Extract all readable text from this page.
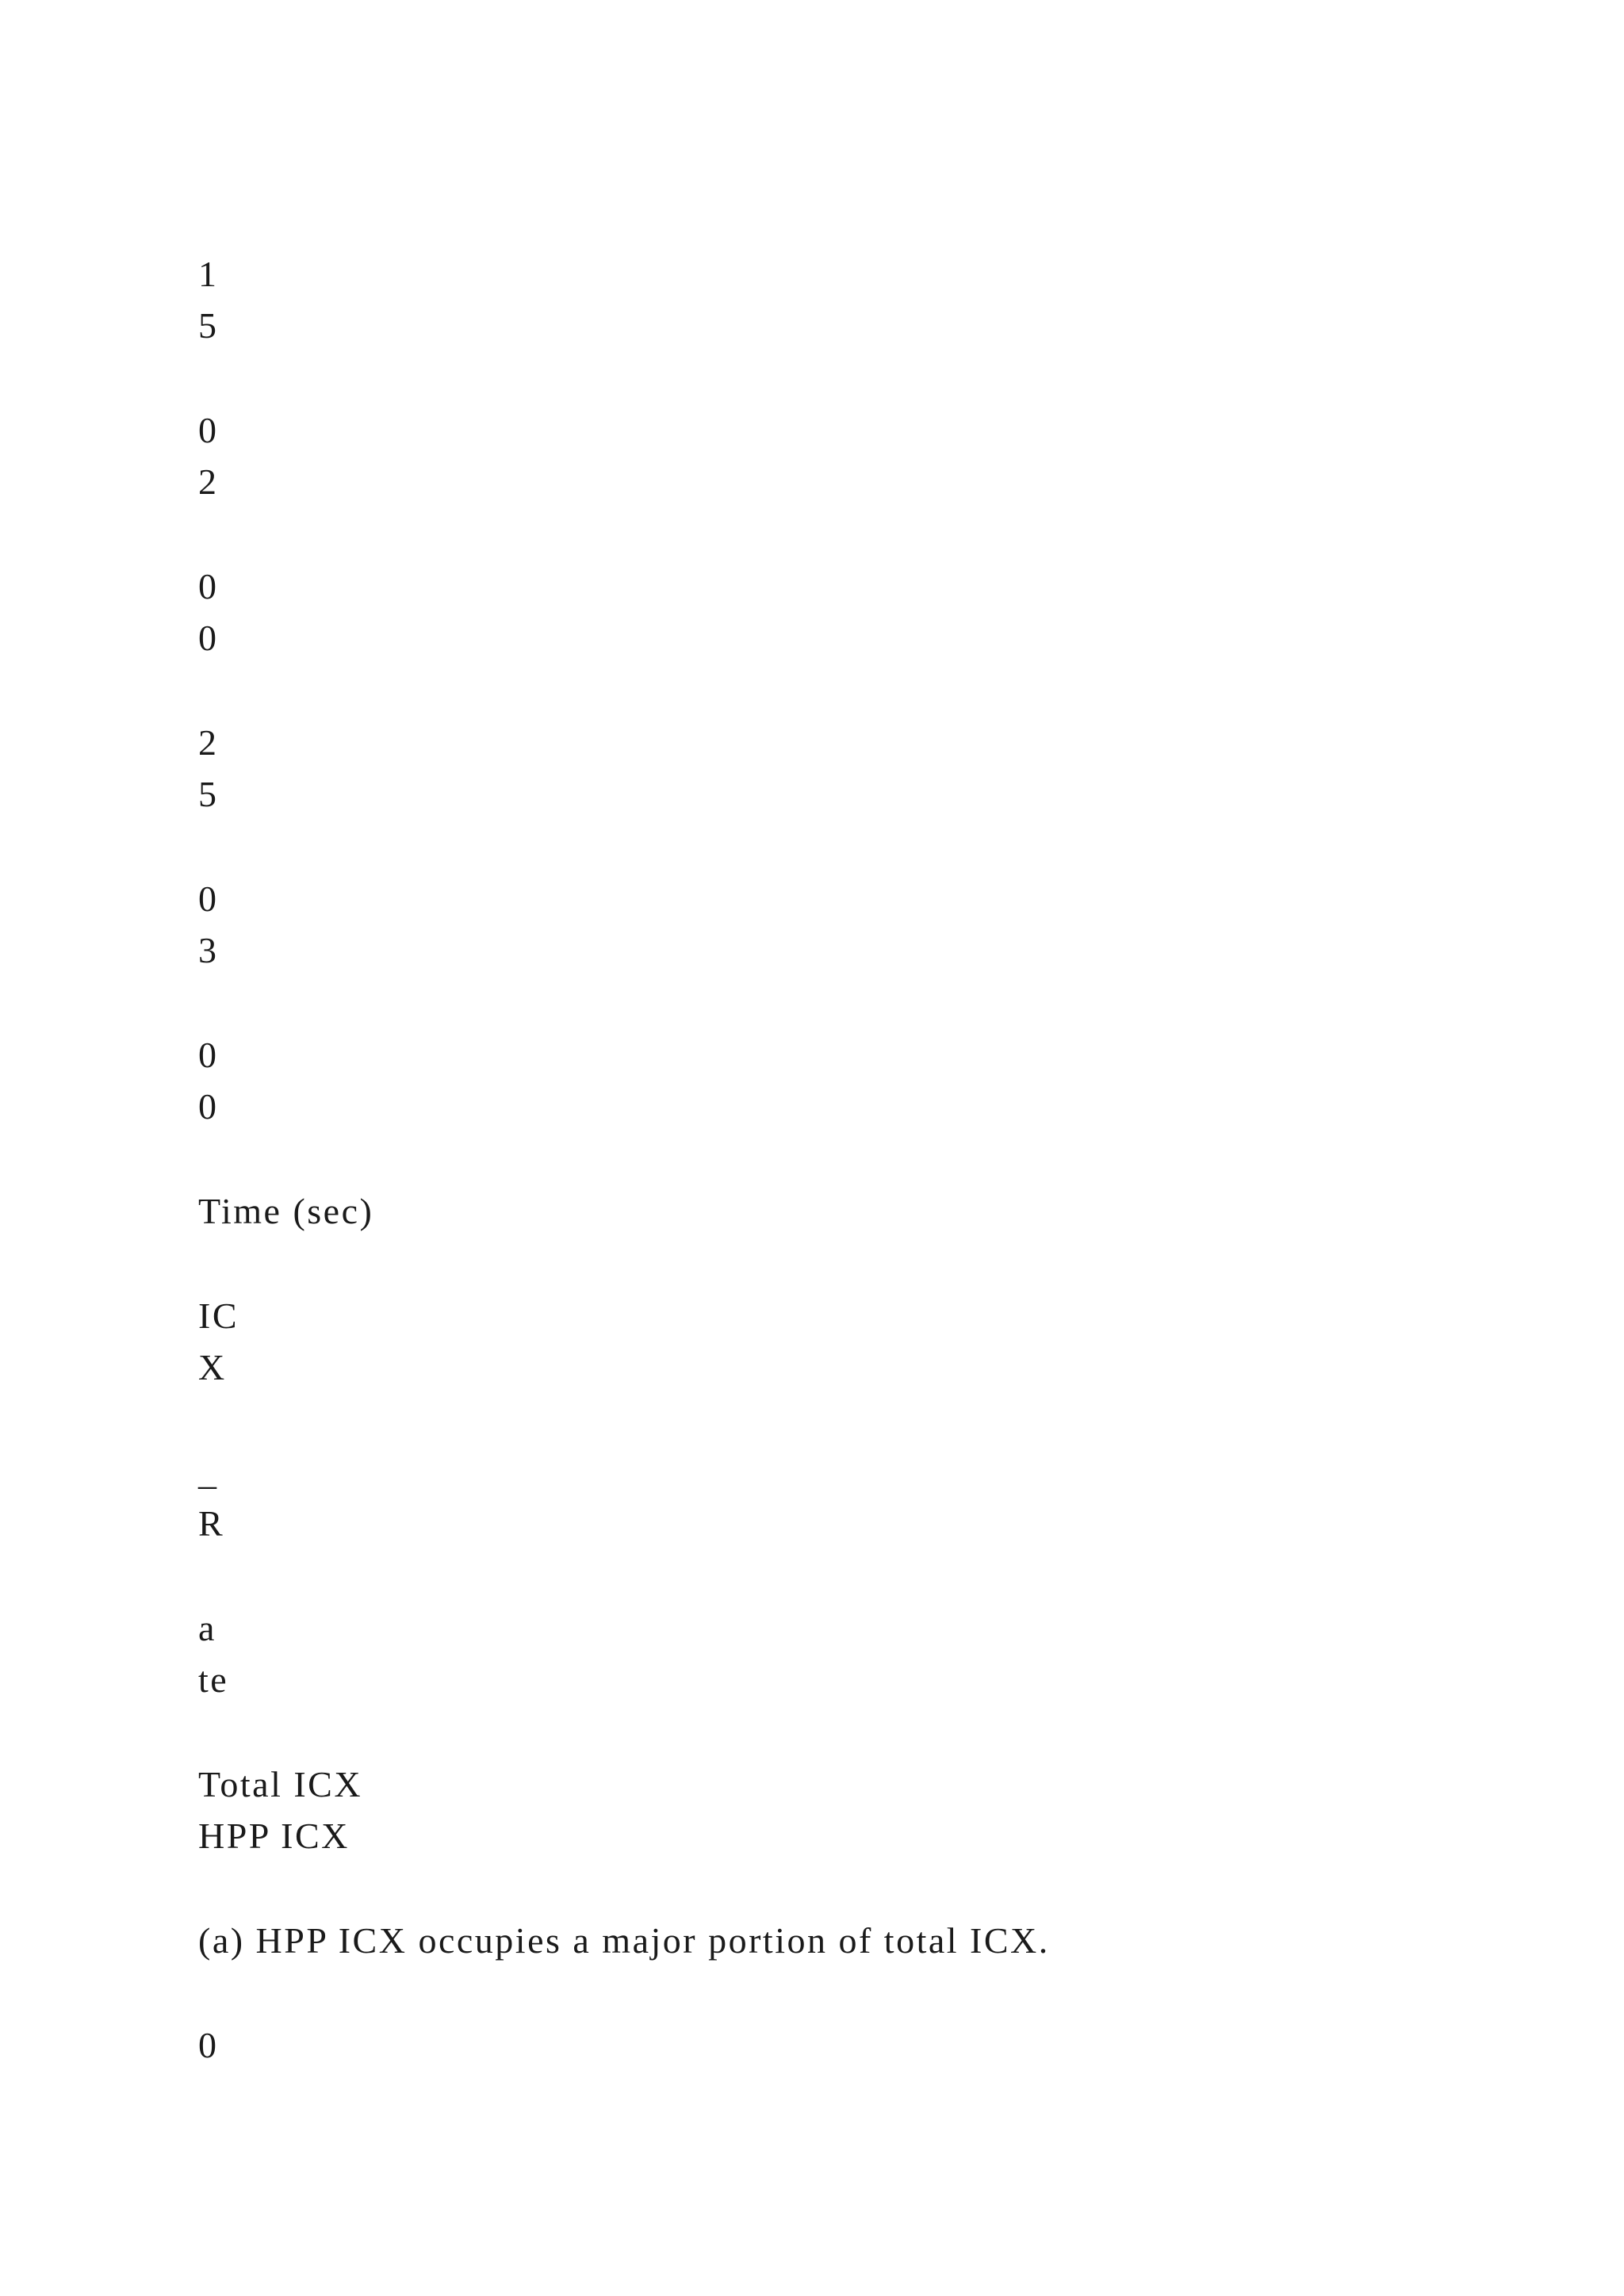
1
5
0
2
0
0
2
5
0
3
0
0
Time (sec)
IC
X
_
R
a
te
Total ICX
HPP ICX
(a) HPP ICX occupies a major portion of total ICX.
0
